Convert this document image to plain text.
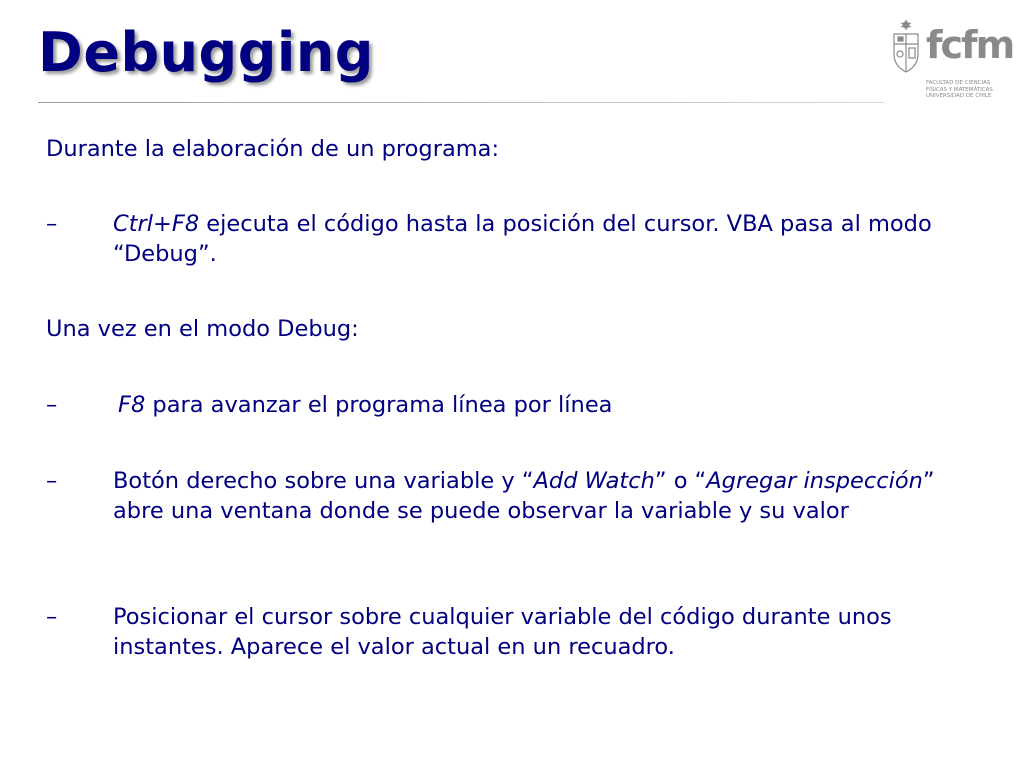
Debugging	fcfm
FACULTAD DE CIENCIAS
FÍSICAS Y MATEMÁTICAS
UNIVERSIDAD DE CHILE

Durante la elaboración de un programa:

– Ctrl+F8 ejecuta el código hasta la posición del cursor. VBA pasa al modo “Debug”.

Una vez en el modo Debug:

–	F8 para avanzar el programa línea por línea
– Botón derecho sobre una variable y “Add Watch” o “Agregar inspección” abre una ventana donde se puede observar la variable y su valor
– Posicionar el cursor sobre cualquier variable del código durante unos instantes. Aparece el valor actual en un recuadro.
